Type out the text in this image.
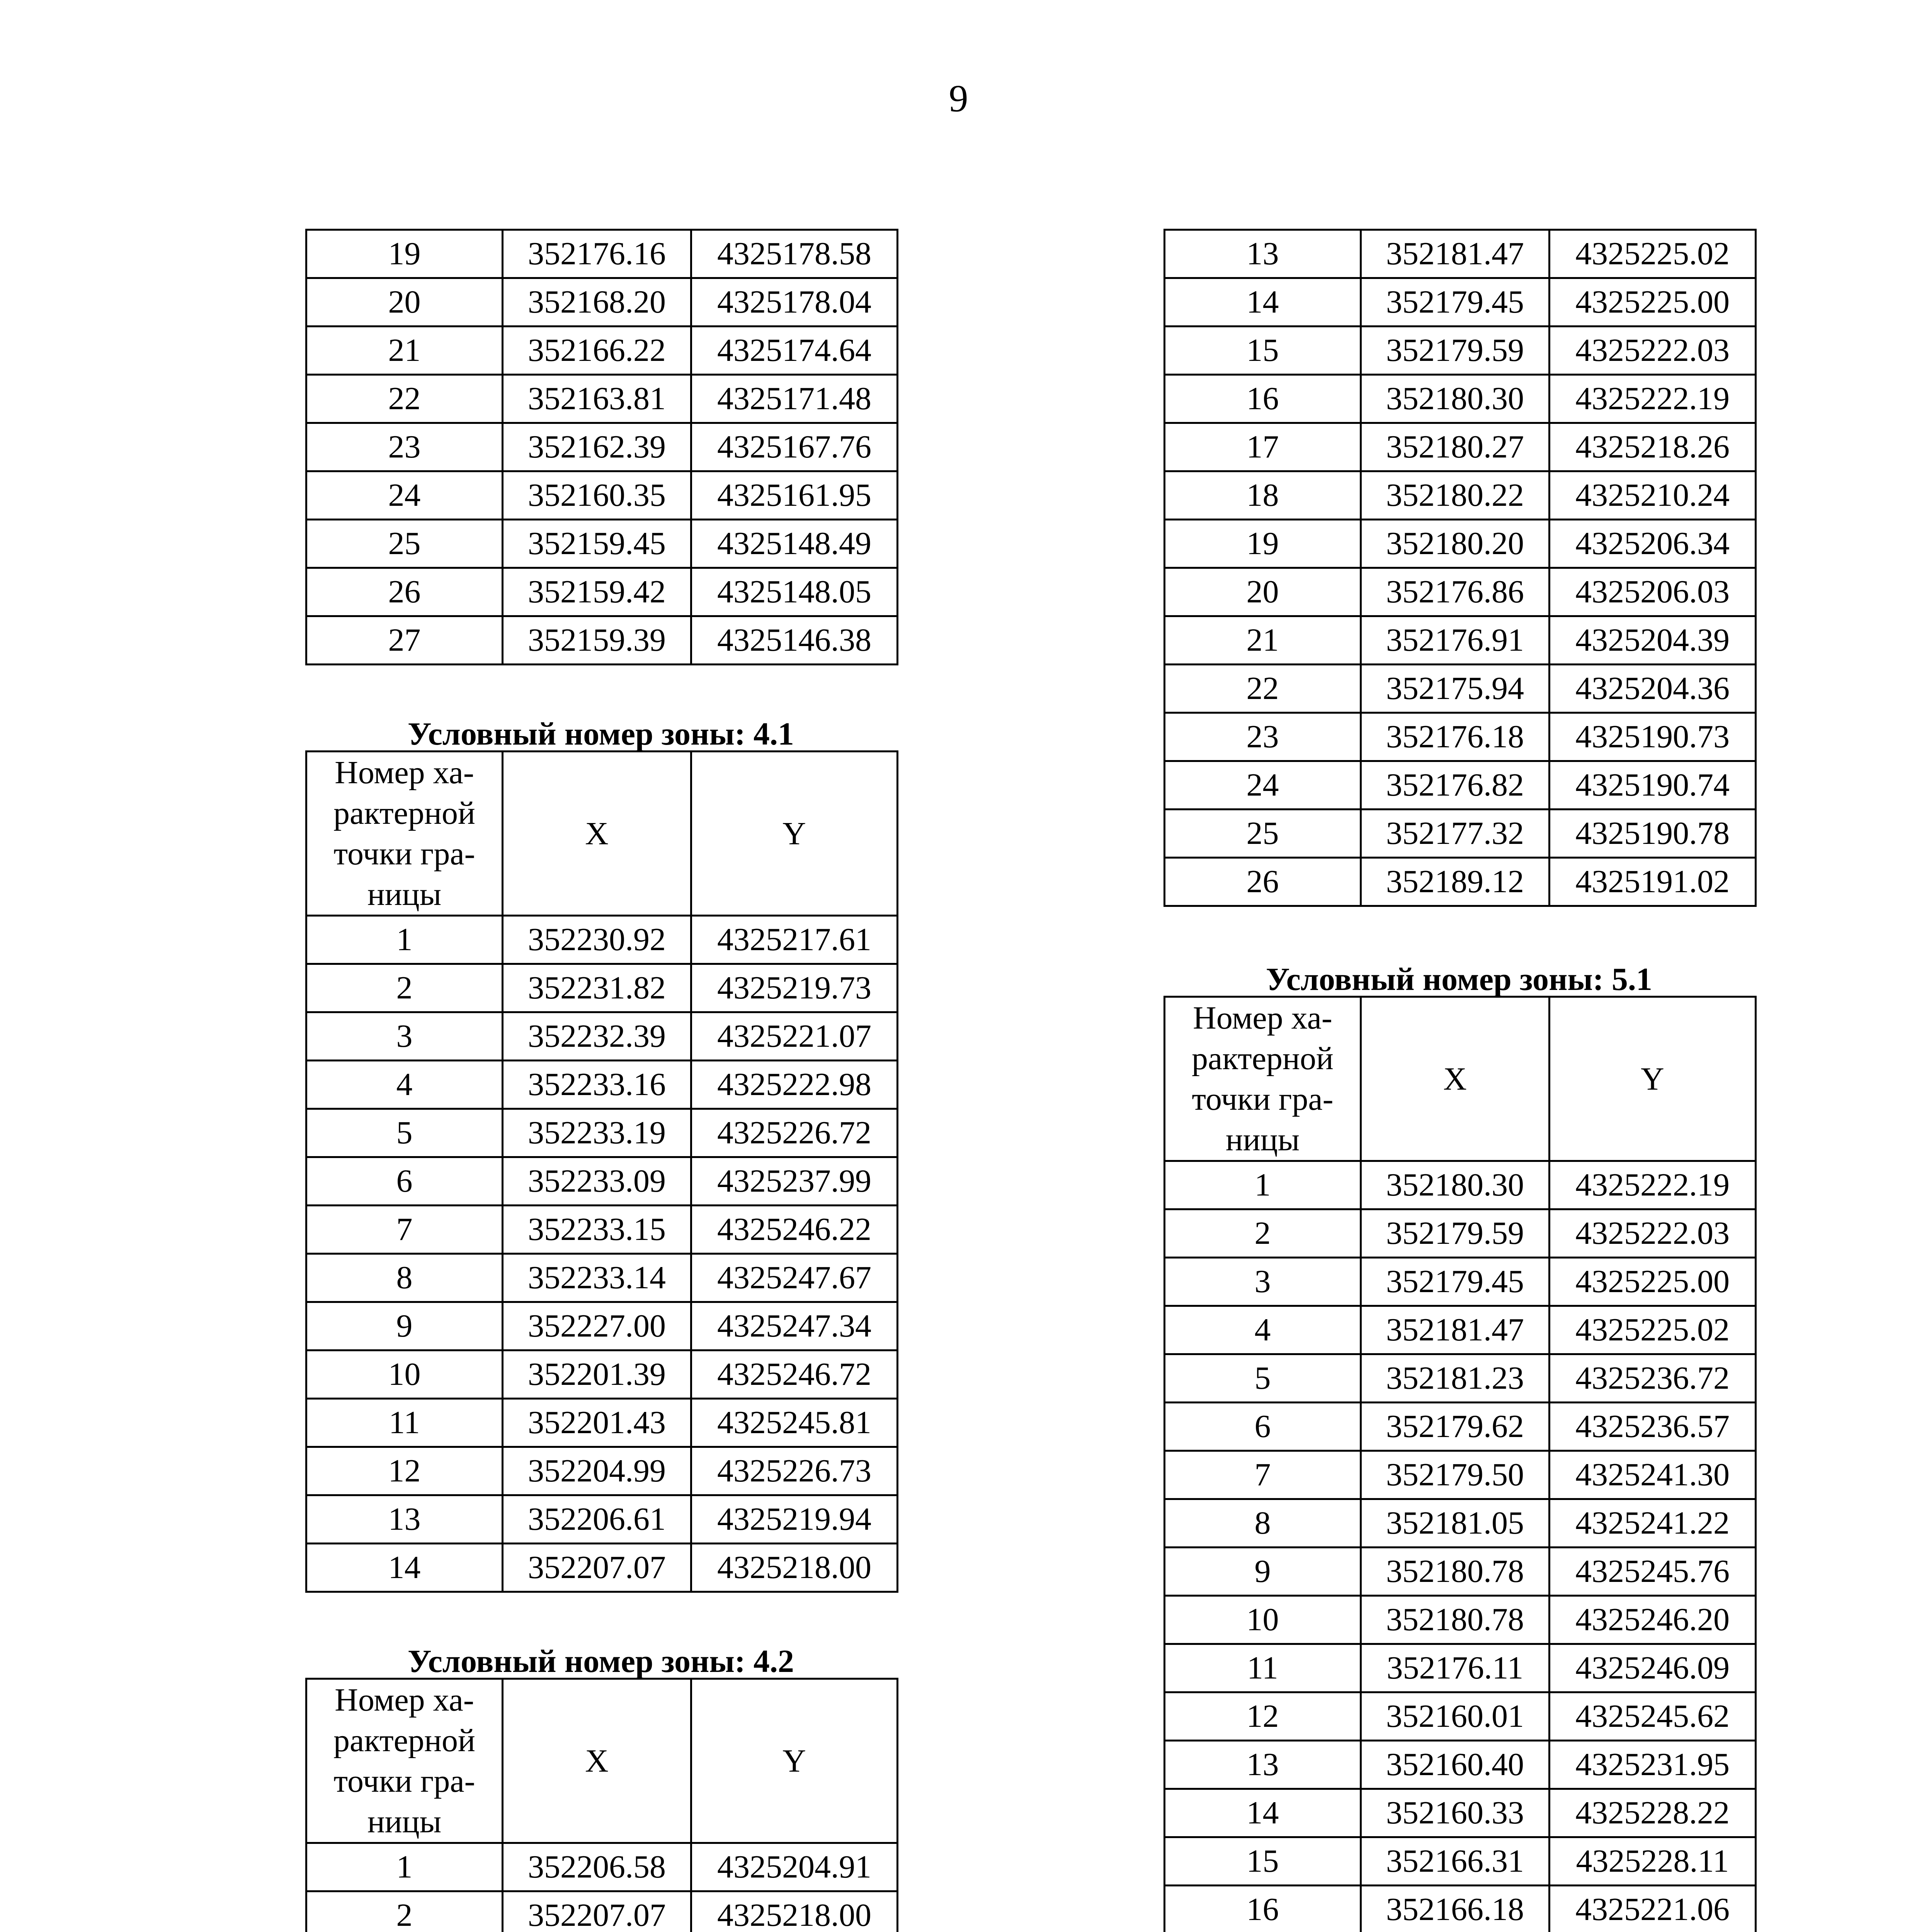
9
19	352176.16	4325178.58
20	352168.20	4325178.04
21	352166.22	4325174.64
22	352163.81	4325171.48
23	352162.39	4325167.76
24	352160.35	4325161.95
25	352159.45	4325148.49
26	352159.42	4325148.05
27	352159.39	4325146.38
Условный номер зоны: 4.1
Номер ха-рактерной точки гра-ницы	X	Y
1	352230.92	4325217.61
2	352231.82	4325219.73
3	352232.39	4325221.07
4	352233.16	4325222.98
5	352233.19	4325226.72
6	352233.09	4325237.99
7	352233.15	4325246.22
8	352233.14	4325247.67
9	352227.00	4325247.34
10	352201.39	4325246.72
11	352201.43	4325245.81
12	352204.99	4325226.73
13	352206.61	4325219.94
14	352207.07	4325218.00
Условный номер зоны: 4.2
Номер ха-рактерной точки гра-ницы	X	Y
1	352206.58	4325204.91
2	352207.07	4325218.00

13	352181.47	4325225.02
14	352179.45	4325225.00
15	352179.59	4325222.03
16	352180.30	4325222.19
17	352180.27	4325218.26
18	352180.22	4325210.24
19	352180.20	4325206.34
20	352176.86	4325206.03
21	352176.91	4325204.39
22	352175.94	4325204.36
23	352176.18	4325190.73
24	352176.82	4325190.74
25	352177.32	4325190.78
26	352189.12	4325191.02
Условный номер зоны: 5.1
Номер ха-рактерной точки гра-ницы	X	Y
1	352180.30	4325222.19
2	352179.59	4325222.03
3	352179.45	4325225.00
4	352181.47	4325225.02
5	352181.23	4325236.72
6	352179.62	4325236.57
7	352179.50	4325241.30
8	352181.05	4325241.22
9	352180.78	4325245.76
10	352180.78	4325246.20
11	352176.11	4325246.09
12	352160.01	4325245.62
13	352160.40	4325231.95
14	352160.33	4325228.22
15	352166.31	4325228.11
16	352166.18	4325221.06
